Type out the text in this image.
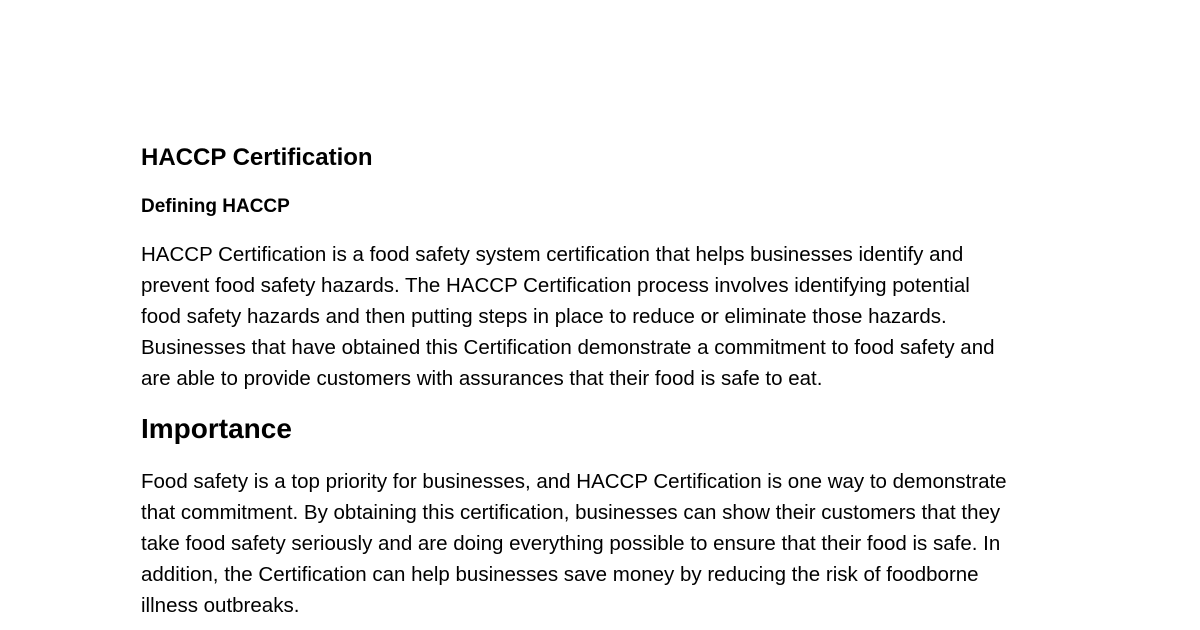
HACCP Certification
Defining HACCP

HACCP Certification is a food safety system certification that helps businesses identify and
prevent food safety hazards. The HACCP Certification process involves identifying potential
food safety hazards and then putting steps in place to reduce or eliminate those hazards.
Businesses that have obtained this Certification demonstrate a commitment to food safety and
are able to provide customers with assurances that their food is safe to eat.

Importance

Food safety is a top priority for businesses, and HACCP Certification is one way to demonstrate
that commitment. By obtaining this certification, businesses can show their customers that they
take food safety seriously and are doing everything possible to ensure that their food is safe. In
addition, the Certification can help businesses save money by reducing the risk of foodborne
illness outbreaks.
